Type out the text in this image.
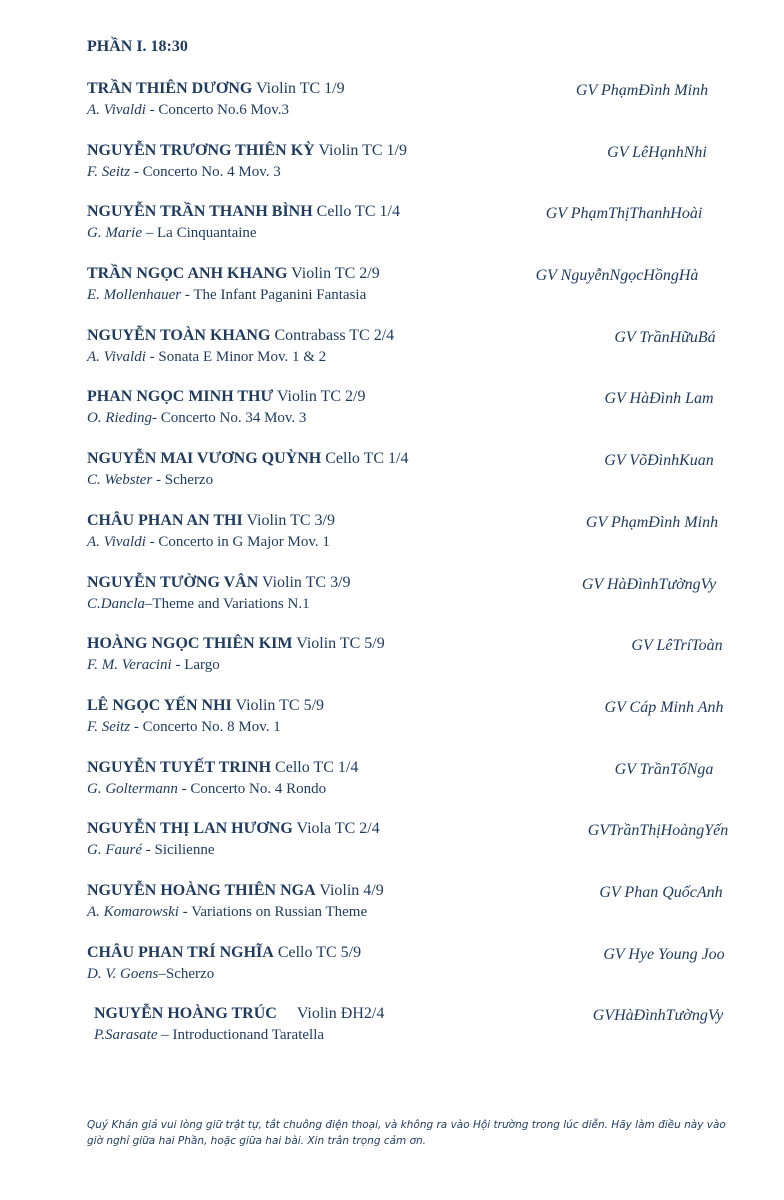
PHẦN I. 18:30
TRẦN THIÊN DƯƠNG Violin TC 1/9
A. Vivaldi - Concerto No.6 Mov.3
GV PhạmĐình Minh
NGUYỄN TRƯƠNG THIÊN KỲ Violin TC 1/9
F. Seitz - Concerto No. 4 Mov. 3
GV LêHạnhNhi
NGUYỄN TRẦN THANH BÌNH Cello TC 1/4
G. Marie – La Cinquantaine
GV PhạmThịThanhHoài
TRẦN NGỌC ANH KHANG Violin TC 2/9
E. Mollenhauer - The Infant Paganini Fantasia
GV NguyễnNgọcHồngHà
NGUYỄN TOÀN KHANG Contrabass TC 2/4
A. Vivaldi - Sonata E Minor Mov. 1 & 2
GV TrầnHữuBá
PHAN NGỌC MINH THƯ Violin TC 2/9
O. Rieding- Concerto No. 34 Mov. 3
GV HàĐình Lam
NGUYỄN MAI VƯƠNG QUỲNH Cello TC 1/4
C. Webster - Scherzo
GV VõĐìnhKuan
CHÂU PHAN AN THI Violin TC 3/9
A. Vivaldi - Concerto in G Major Mov. 1
GV PhạmĐình Minh
NGUYỄN TƯỜNG VÂN Violin TC 3/9
C.Dancla–Theme and Variations N.1
GV HàĐìnhTườngVy
HOÀNG NGỌC THIÊN KIM Violin TC 5/9
F. M. Veracini - Largo
GV LêTríToàn
LÊ NGỌC YẾN NHI Violin TC 5/9
F. Seitz - Concerto No. 8 Mov. 1
GV Cáp Minh Anh
NGUYỄN TUYẾT TRINH Cello TC 1/4
G. Goltermann - Concerto No. 4 Rondo
GV TrầnTốNga
NGUYỄN THỊ LAN HƯƠNG Viola TC 2/4
G. Fauré - Sicilienne
GVTrầnThịHoàngYến
NGUYỄN HOÀNG THIÊN NGA Violin 4/9
A. Komarowski - Variations on Russian Theme
GV Phan QuốcAnh
CHÂU PHAN TRÍ NGHĨA Cello TC 5/9
D. V. Goens–Scherzo
GV Hye Young Joo
NGUYỄN HOÀNG TRÚC Violin ĐH2/4
P.Sarasate – Introductionand Taratella
GVHàĐìnhTườngVy
Quý Khán giả vui lòng giữ trật tự, tắt chuông điện thoại, và không ra vào Hội trường trong lúc diễn. Hãy làm điều này vào giờ nghỉ giữa hai Phần, hoặc giữa hai bài. Xin trân trọng cảm ơn.
